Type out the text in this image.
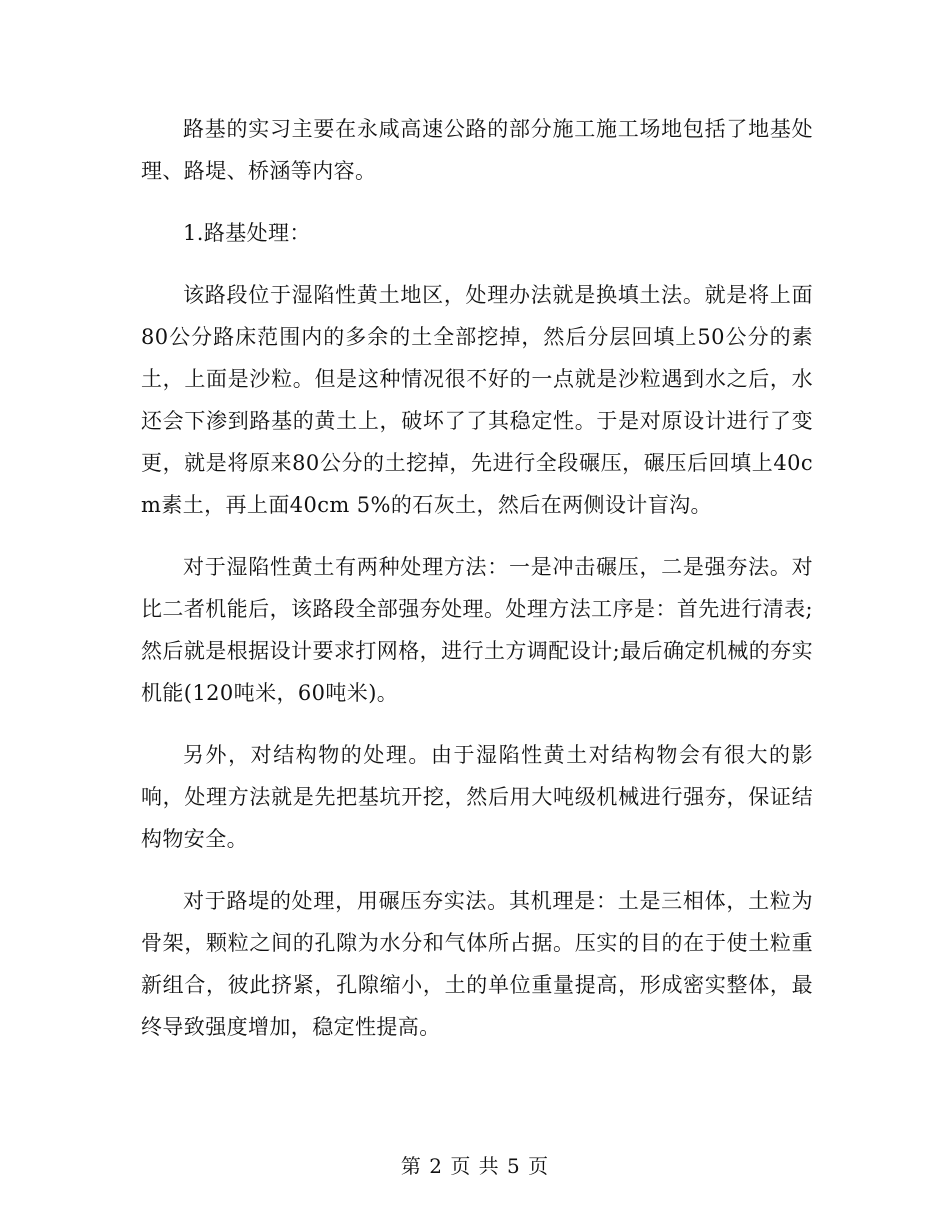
路基的实习主要在永咸高速公路的部分施工施工场地包括了地基处理、路堤、桥涵等内容。

1.路基处理：

该路段位于湿陷性黄土地区，处理办法就是换填土法。就是将上面80公分路床范围内的多余的土全部挖掉，然后分层回填上50公分的素土，上面是沙粒。但是这种情况很不好的一点就是沙粒遇到水之后，水还会下渗到路基的黄土上，破坏了了其稳定性。于是对原设计进行了变更，就是将原来80公分的土挖掉，先进行全段碾压，碾压后回填上40cm素土，再上面40cm 5%的石灰土，然后在两侧设计盲沟。

对于湿陷性黄土有两种处理方法：一是冲击碾压，二是强夯法。对比二者机能后，该路段全部强夯处理。处理方法工序是：首先进行清表;然后就是根据设计要求打网格，进行土方调配设计;最后确定机械的夯实机能(120吨米，60吨米)。

另外，对结构物的处理。由于湿陷性黄土对结构物会有很大的影响，处理方法就是先把基坑开挖，然后用大吨级机械进行强夯，保证结构物安全。

对于路堤的处理，用碾压夯实法。其机理是：土是三相体，土粒为骨架，颗粒之间的孔隙为水分和气体所占据。压实的目的在于使土粒重新组合，彼此挤紧，孔隙缩小，土的单位重量提高，形成密实整体，最终导致强度增加，稳定性提高。

第 2 页 共 5 页
